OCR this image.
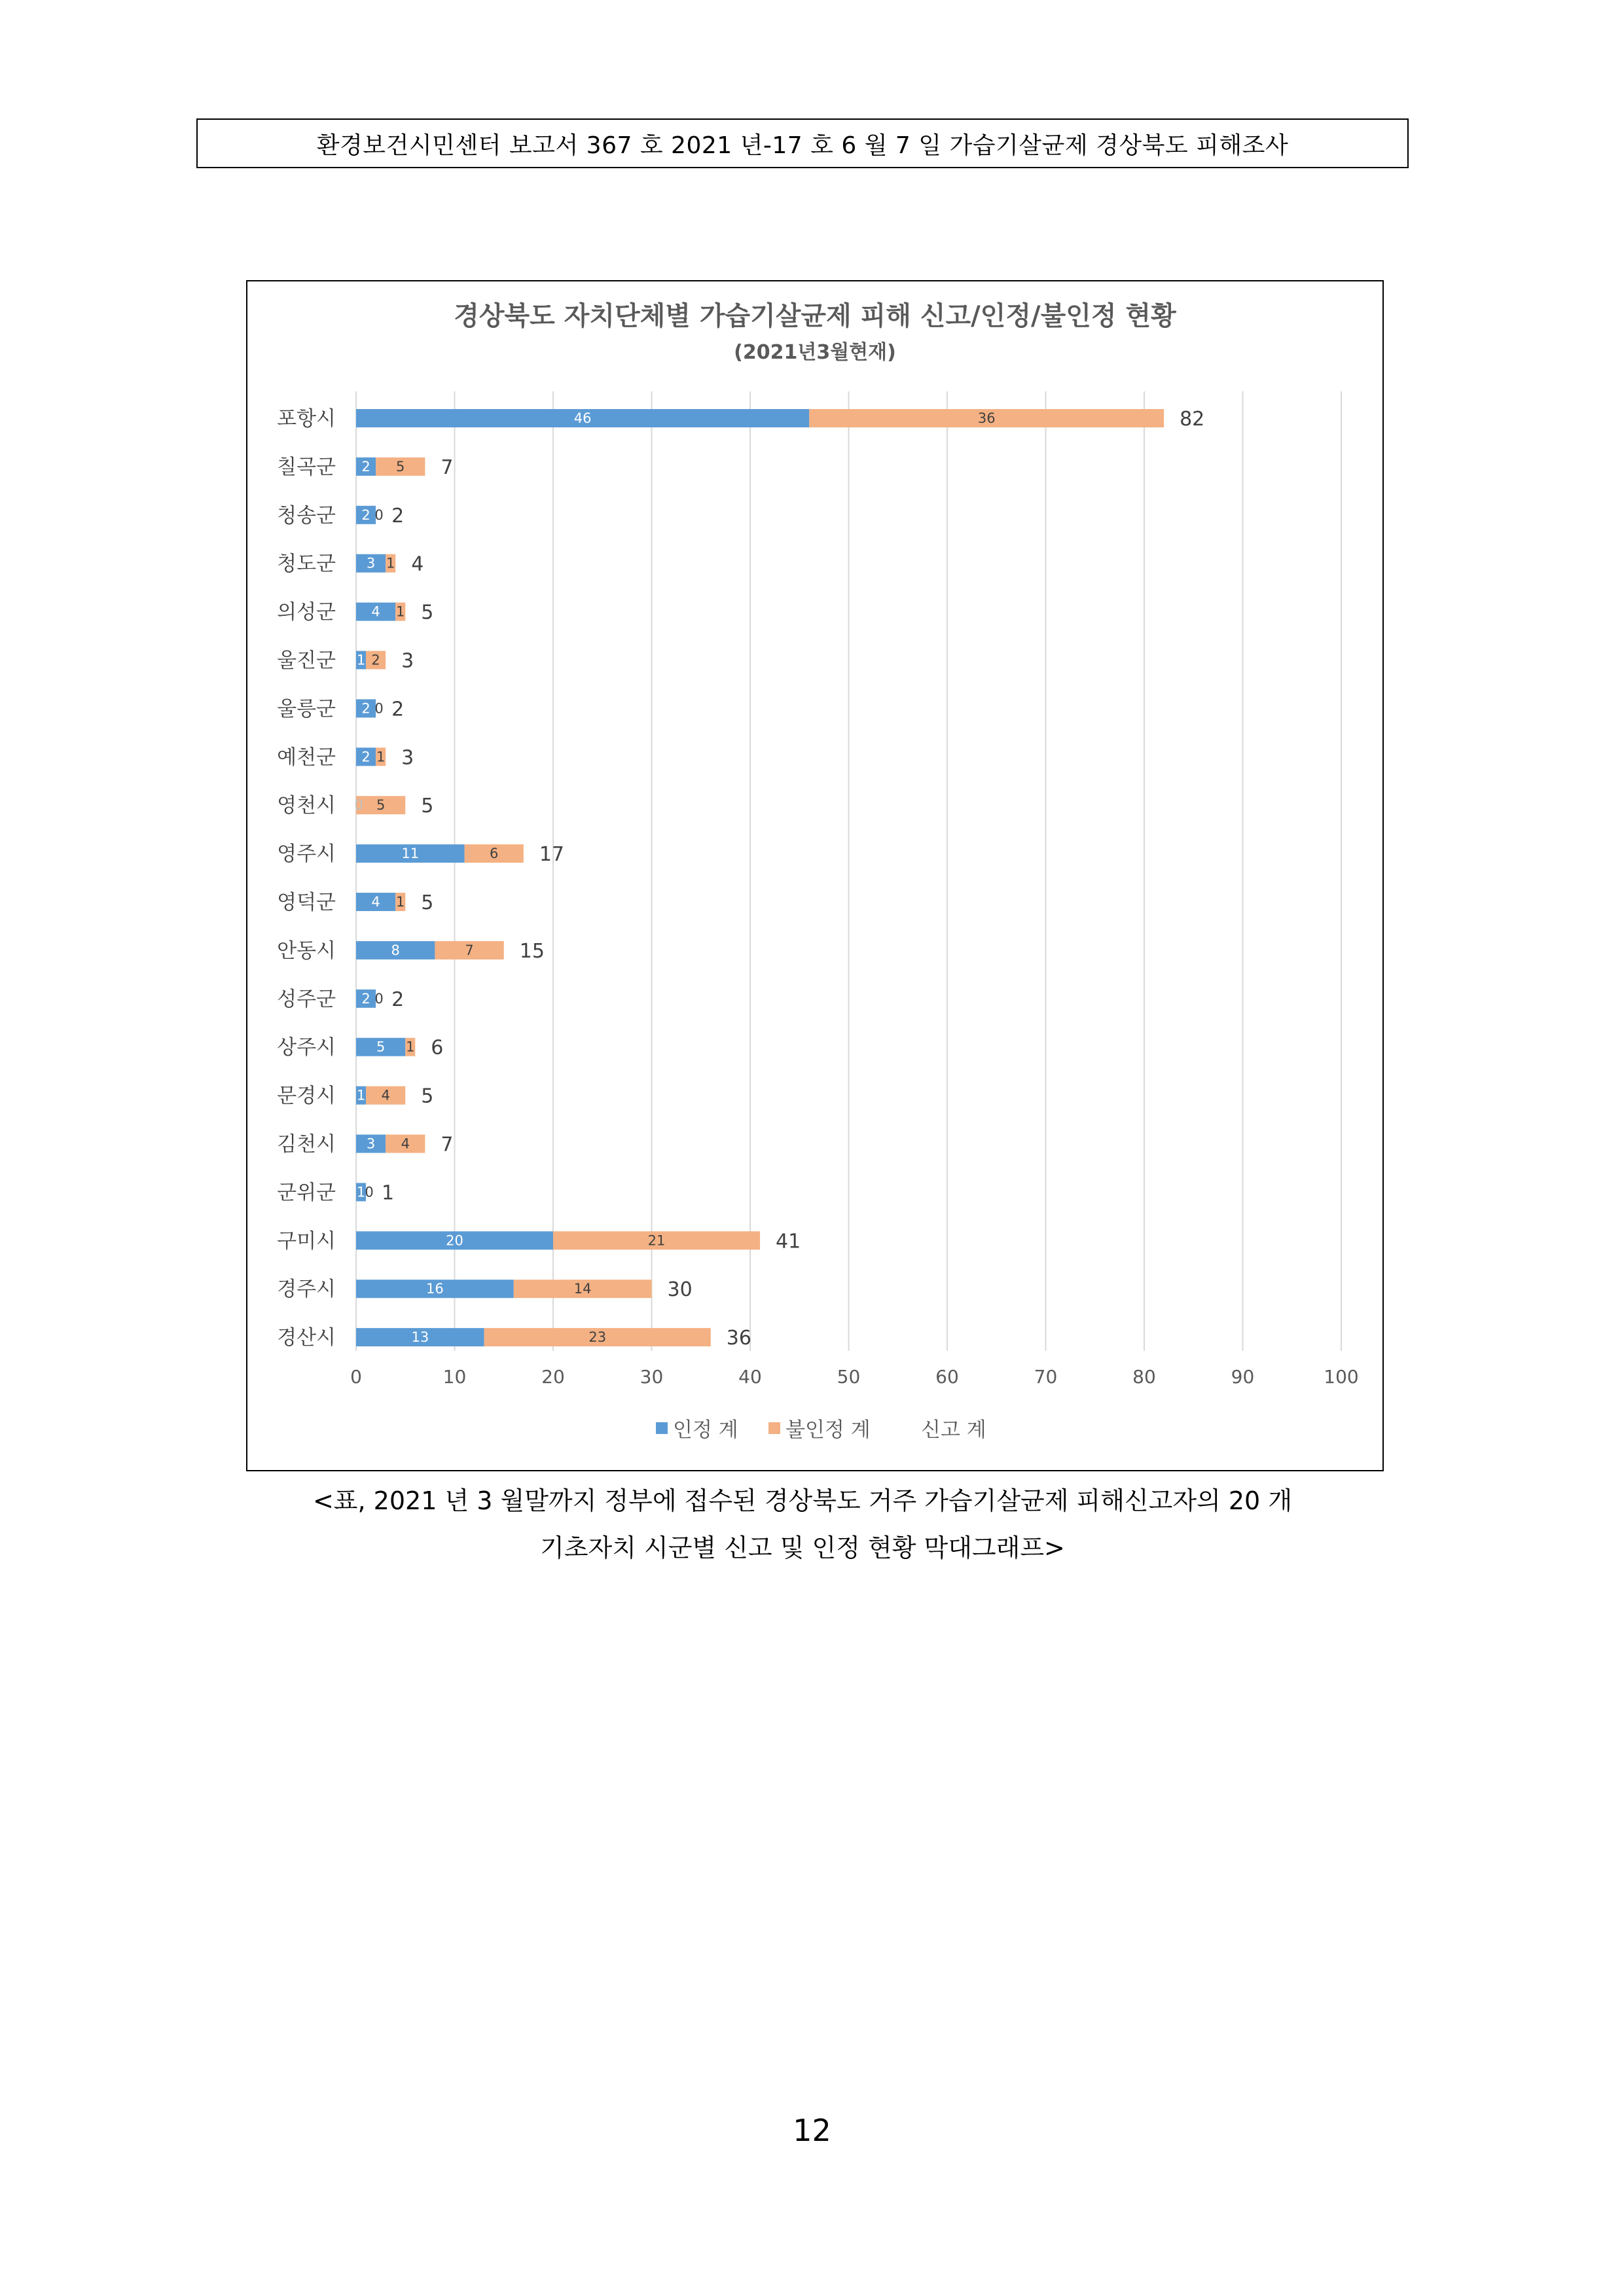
환경보건시민센터 보고서 367 호 2021 년-17 호 6 월 7 일 가습기살균제 경상북도 피해조사
경상북도 자치단체별 가습기살균제 피해 신고/인정/불인정 현황
(2021년3월현재)
0	10	20	30	40	50	60	70	80	90	100
포항시	46	36	82
칠곡군 2 5 7
청송군 2 0 2
청도군 3 1 4
의성군	4 1 5
울진군 1 2 3
울릉군 2 0 2
예천군 2 1 3
영천시	5
0	5
영주시	11	6 17
영덕군	4 1 5
안동시	8	7 15
성주군 2 0 2
상주시	5 1 6
문경시 1 4 5
김천시 3 4 7
군위군 1 0 1
구미시	20	21	41
경주시	16	14	30
경산시	13	23	36
인정 계 불인정 계 신고 계
<표, 2021 년 3 월말까지 정부에 접수된 경상북도 거주 가습기살균제 피해신고자의 20 개
기초자치 시군별 신고 및 인정 현황 막대그래프>
12
